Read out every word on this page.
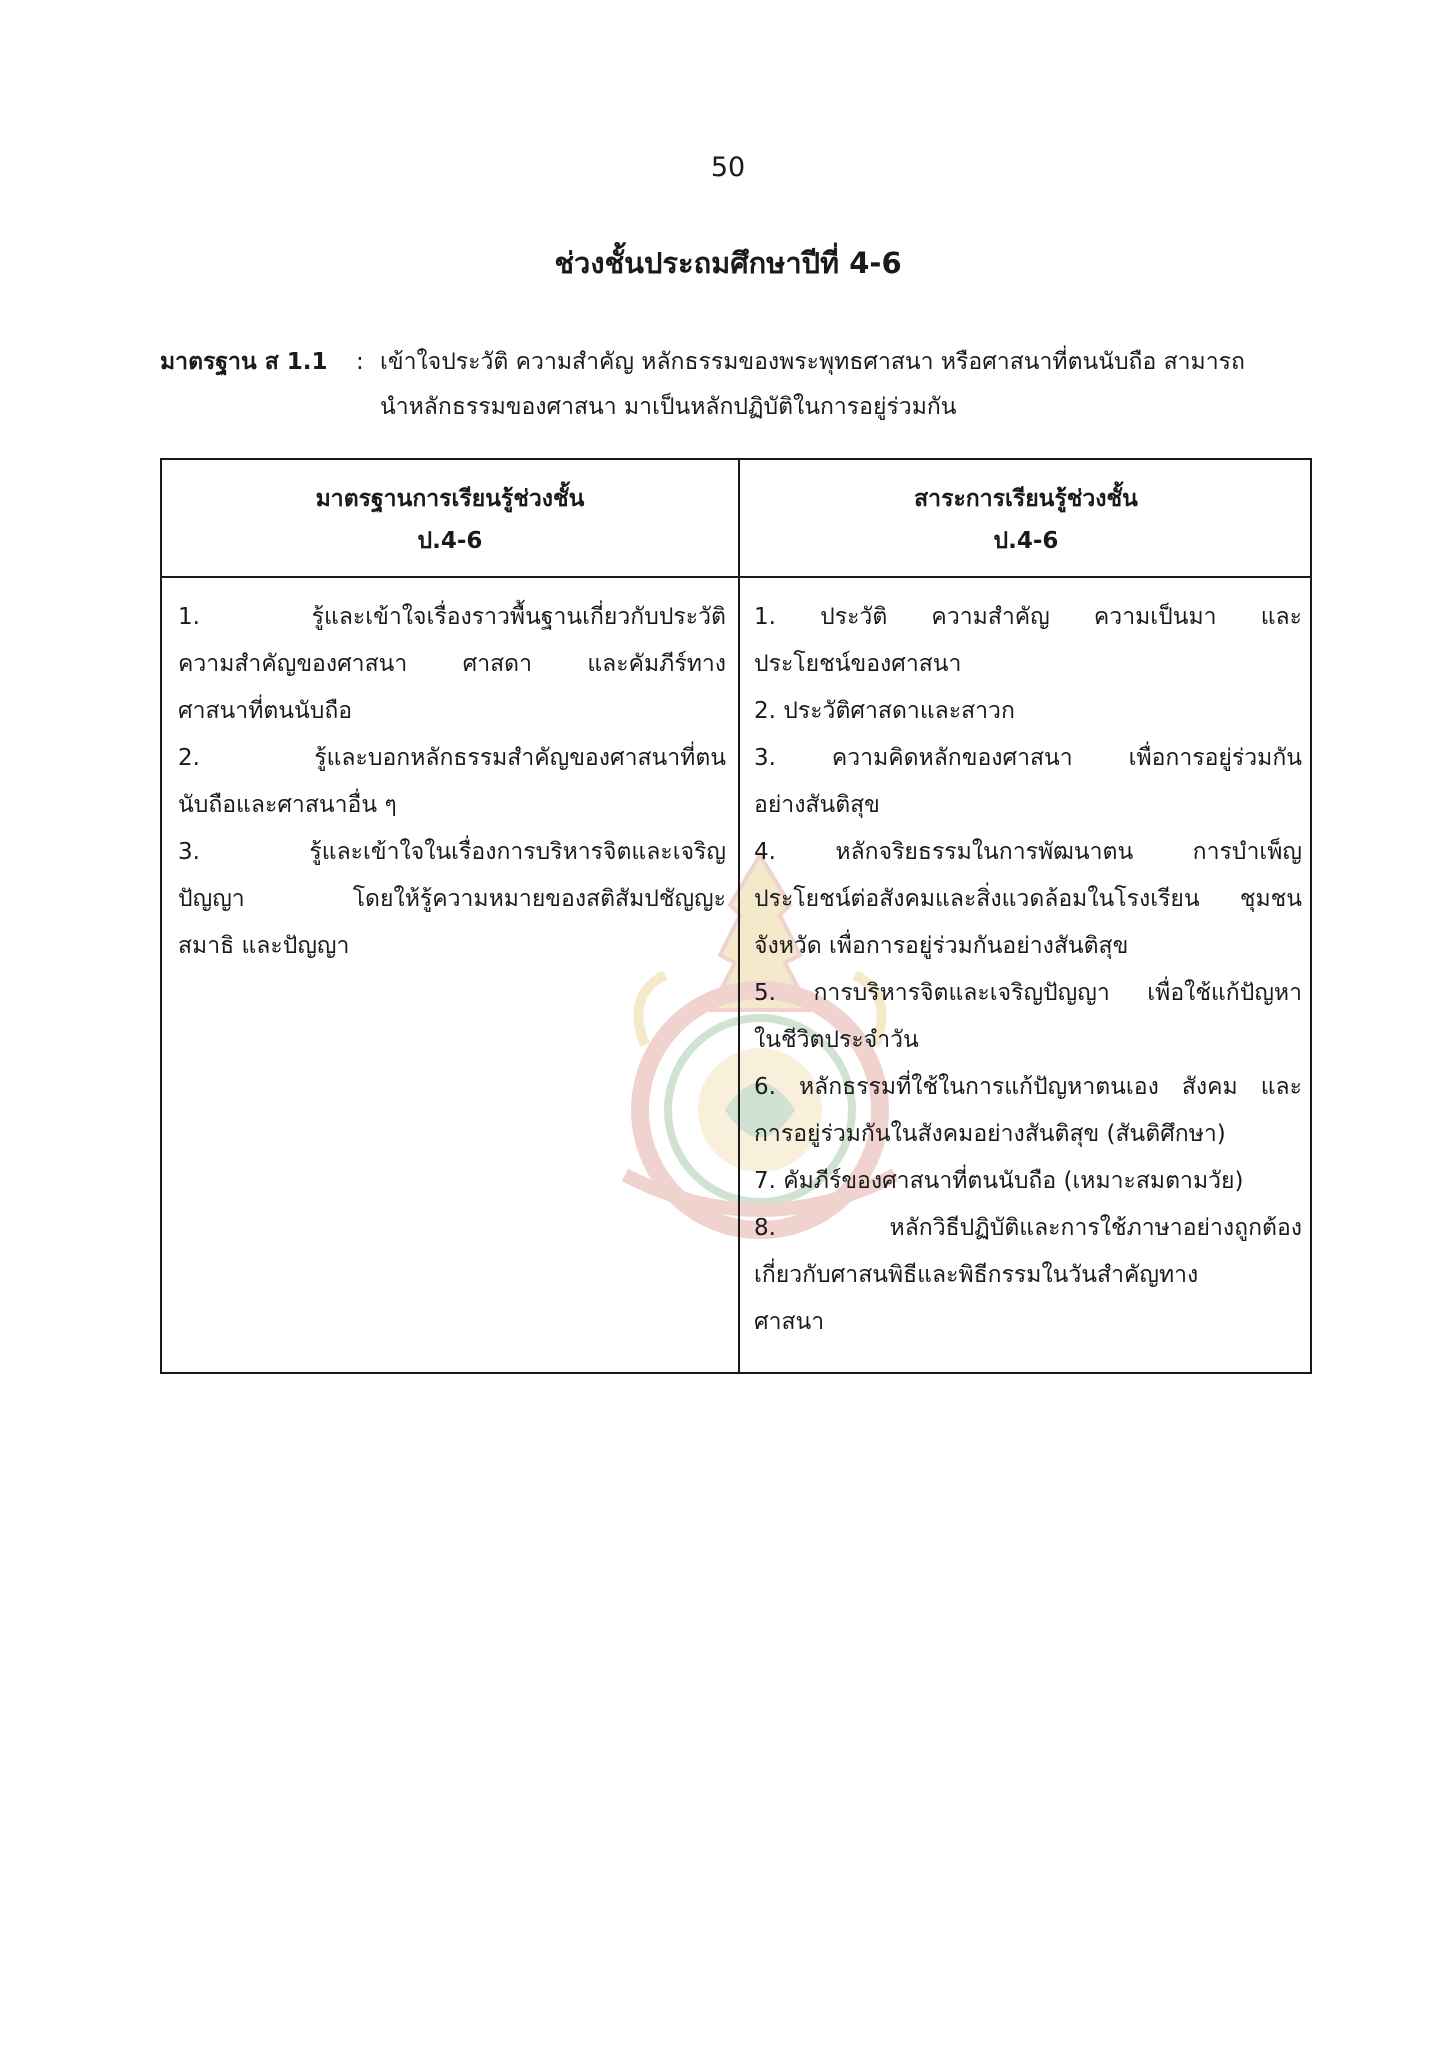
50
ช่วงชั้นประถมศึกษาปีที่ 4-6
มาตรฐาน ส 1.1 : เข้าใจประวัติ ความสำคัญ หลักธรรมของพระพุทธศาสนา หรือศาสนาที่ตนนับถือ สามารถ
นำหลักธรรมของศาสนา มาเป็นหลักปฏิบัติในการอยู่ร่วมกัน
มาตรฐานการเรียนรู้ช่วงชั้น
ป.4-6
สาระการเรียนรู้ช่วงชั้น
ป.4-6
1. รู้และเข้าใจเรื่องราวพื้นฐานเกี่ยวกับประวัติ
ความสำคัญของศาสนา ศาสดา และคัมภีร์ทาง
ศาสนาที่ตนนับถือ
2. รู้และบอกหลักธรรมสำคัญของศาสนาที่ตน
นับถือและศาสนาอื่น ๆ
3. รู้และเข้าใจในเรื่องการบริหารจิตและเจริญ
ปัญญา โดยให้รู้ความหมายของสติสัมปชัญญะ
สมาธิ และปัญญา
1. ประวัติ ความสำคัญ ความเป็นมา และ
ประโยชน์ของศาสนา
2. ประวัติศาสดาและสาวก
3. ความคิดหลักของศาสนา เพื่อการอยู่ร่วมกัน
อย่างสันติสุข
4. หลักจริยธรรมในการพัฒนาตน การบำเพ็ญ
ประโยชน์ต่อสังคมและสิ่งแวดล้อมในโรงเรียน ชุมชน
จังหวัด เพื่อการอยู่ร่วมกันอย่างสันติสุข
5. การบริหารจิตและเจริญปัญญา เพื่อใช้แก้ปัญหา
ในชีวิตประจำวัน
6. หลักธรรมที่ใช้ในการแก้ปัญหาตนเอง สังคม และ
การอยู่ร่วมกันในสังคมอย่างสันติสุข (สันติศึกษา)
7. คัมภีร์ของศาสนาที่ตนนับถือ (เหมาะสมตามวัย)
8. หลักวิธีปฏิบัติและการใช้ภาษาอย่างถูกต้อง
เกี่ยวกับศาสนพิธีและพิธีกรรมในวันสำคัญทาง
ศาสนา
